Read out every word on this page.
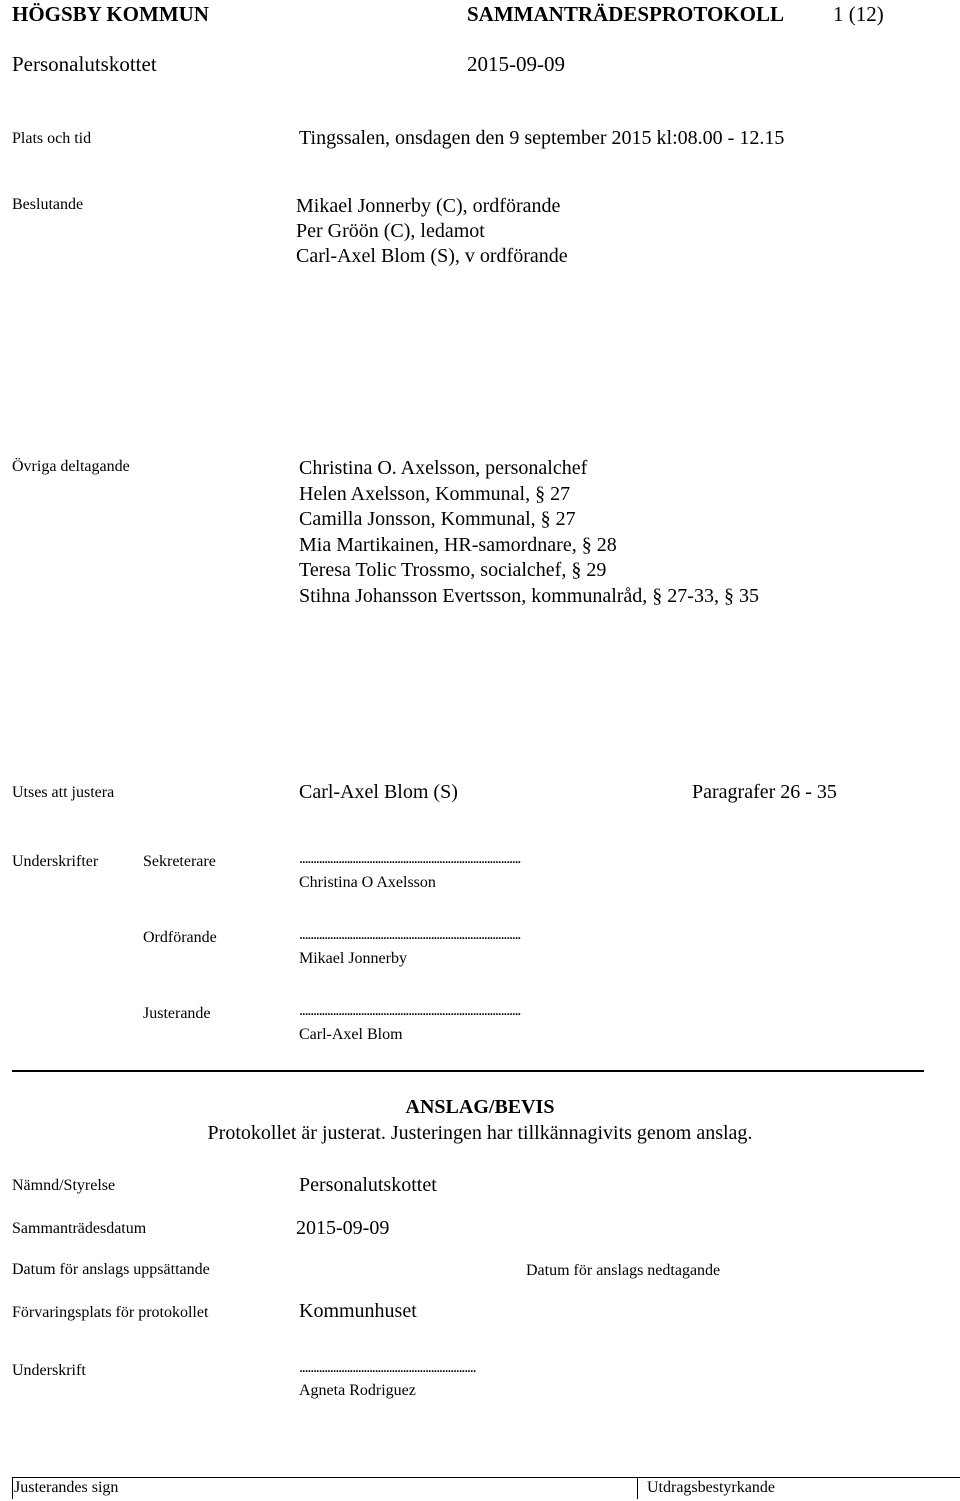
HÖGSBY KOMMUN	SAMMANTRÄDESPROTOKOLL 1 (12)
Personalutskottet	2015-09-09
Plats och tid	Tingssalen, onsdagen den 9 september 2015 kl:08.00 - 12.15
Beslutande	Mikael Jonnerby (C), ordförande
Per Gröön (C), ledamot
Carl-Axel Blom (S), v ordförande
Övriga deltagande	Christina O. Axelsson, personalchef
Helen Axelsson, Kommunal, § 27
Camilla Jonsson, Kommunal, § 27
Mia Martikainen, HR-samordnare, § 28
Teresa Tolic Trossmo, socialchef, § 29
Stihna Johansson Evertsson, kommunalråd, § 27-33, § 35
Utses att justera	Carl-Axel Blom (S)	Paragrafer 26 - 35
Underskrifter	Sekreterare	...............................................................................
Christina O Axelsson
Ordförande	...............................................................................
Mikael Jonnerby
Justerande	...............................................................................
Carl-Axel Blom
ANSLAG/BEVIS
Protokollet är justerat. Justeringen har tillkännagivits genom anslag.
Nämnd/Styrelse	Personalutskottet
Sammanträdesdatum	2015-09-09
Datum för anslags uppsättande	Datum för anslags nedtagande
Förvaringsplats för protokollet	Kommunhuset
Underskrift	...............................................................
Agneta Rodriguez
Justerandes sign	Utdragsbestyrkande
